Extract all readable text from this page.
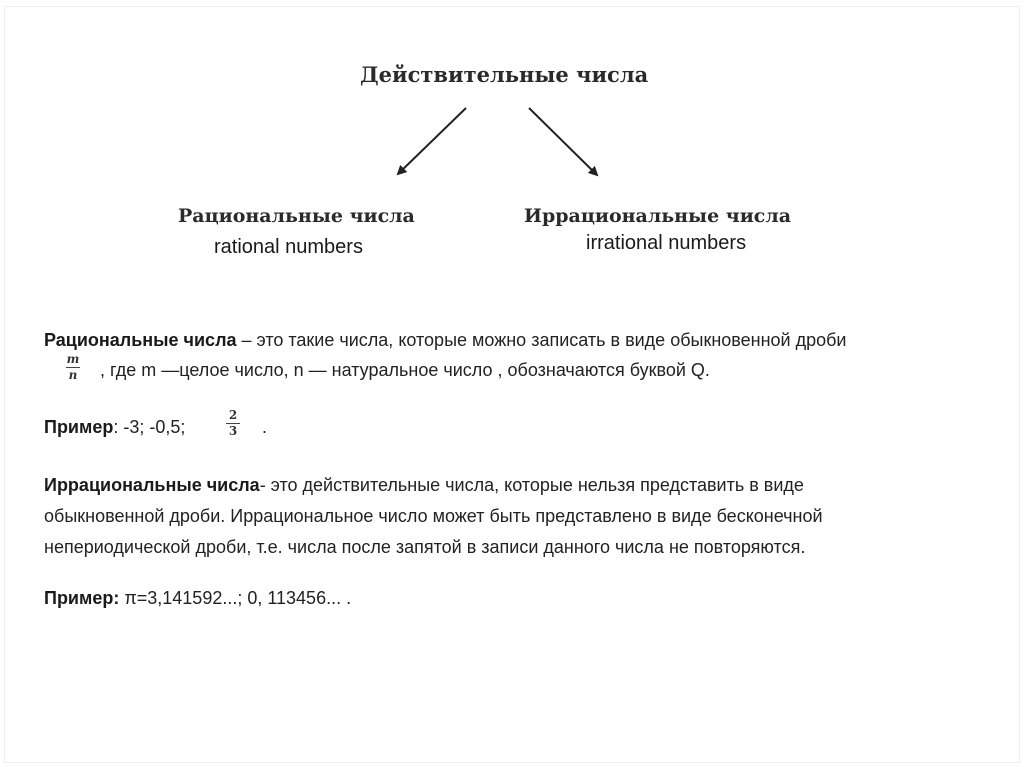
Действительные числа
Рациональные числа
rational numbers
Иррациональные числа
irrational numbers
Рациональные числа – это такие числа, которые можно записать в виде обыкновенной дроби
m
n , где m —целое число, n — натуральное число , обозначаются буквой Q.
Пример: -3; -0,5;
2
3 .
Иррациональные числа- это действительные числа, которые нельзя представить в виде
обыкновенной дроби. Иррациональное число может быть представлено в виде бесконечной
непериодической дроби, т.е. числа после запятой в записи данного числа не повторяются.
Пример: π=3,141592...; 0, 113456... .
